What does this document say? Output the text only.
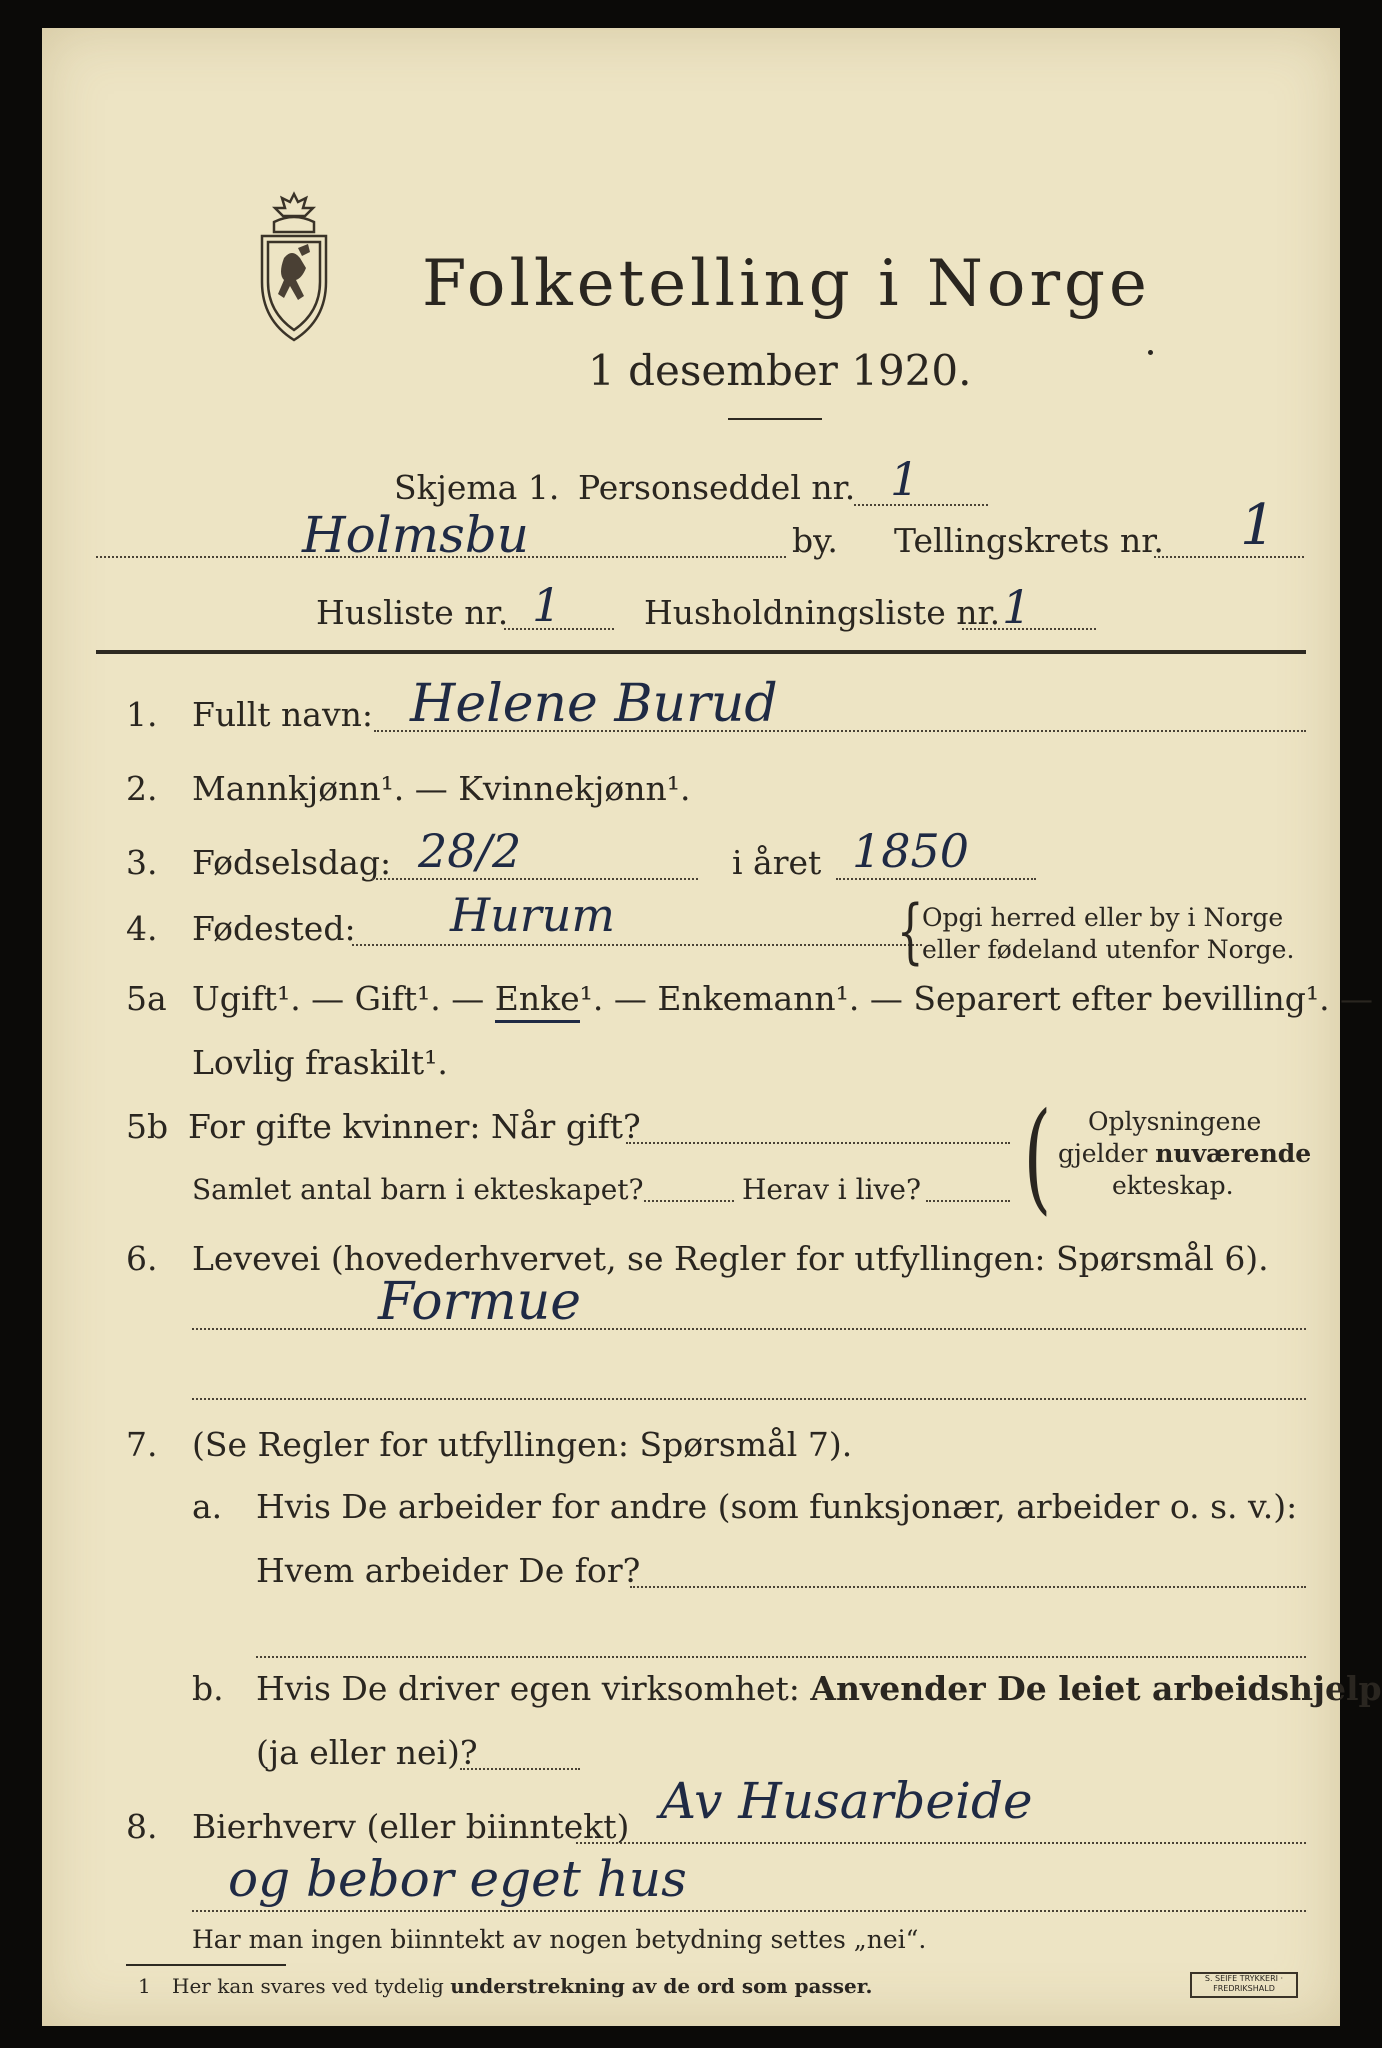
Folketelling i Norge
1 desember 1920.
Skjema 1. Personseddel nr. 1
Holmsbu	by. Tellingskrets nr. 1
Husliste nr. 1	Husholdningsliste nr. 1
1. Fullt navn: Helene Burud
2. Mannkjønn¹. — Kvinnekjønn¹.
3. Fødselsdag: 28/2	i året 1850
4. Fødested: Hurum	{
Opgi herred eller by i Norge
eller fødeland utenfor Norge.
5a Ugift¹. — Gift¹. — Enke¹. — Enkemann¹. — Separert efter bevilling¹. —
Lovlig fraskilt¹.
5b For gifte kvinner: Når gift?
Samlet antal barn i ekteskapet?	Herav i live? ( Oplysningene
gjelder nuværende
ekteskap.
6. Levevei (hovederhvervet, se Regler for utfyllingen: Spørsmål 6).
Formue
7. (Se Regler for utfyllingen: Spørsmål 7).
a. Hvis De arbeider for andre (som funksjonær, arbeider o. s. v.):
Hvem arbeider De for?
b. Hvis De driver egen virksomhet: Anvender De leiet arbeidshjelp
(ja eller nei)?
8. Bierhverv (eller biinntekt) Av Husarbeide
og bebor eget hus
Har man ingen biinntekt av nogen betydning settes „nei“.
1 Her kan svares ved tydelig understrekning av de ord som passer.	S. SEIFE TRYKKERI · FREDRIKSHALD
